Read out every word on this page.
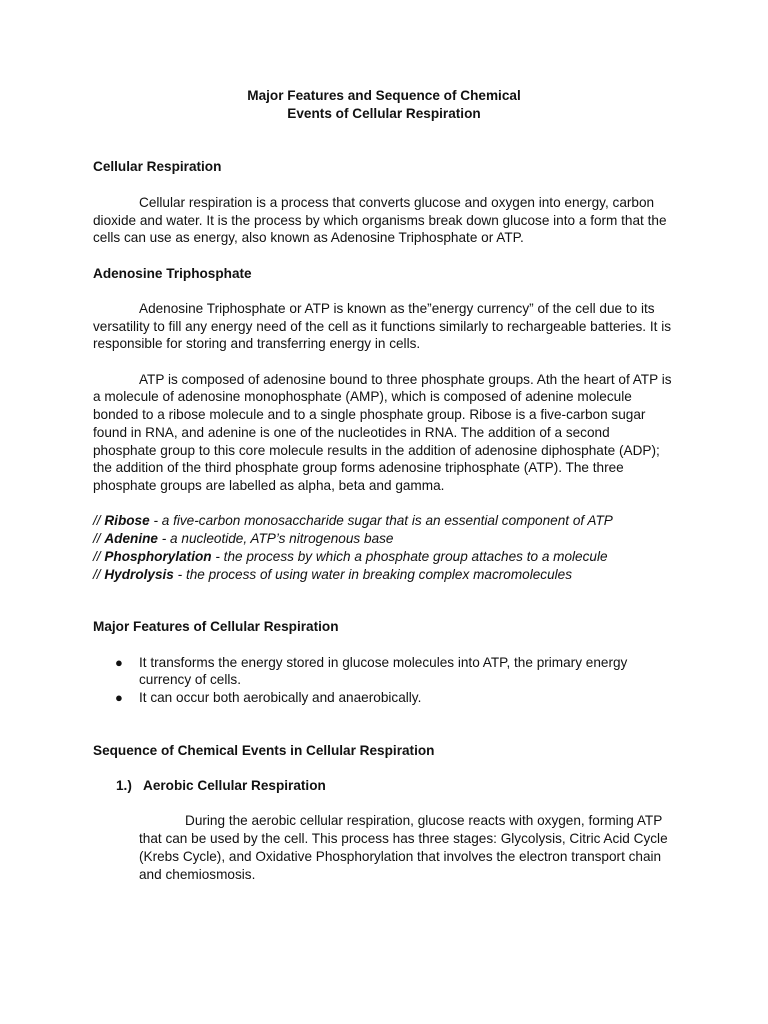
Major Features and Sequence of Chemical
Events of Cellular Respiration

Cellular Respiration

Cellular respiration is a process that converts glucose and oxygen into energy, carbon dioxide and water. It is the process by which organisms break down glucose into a form that the cells can use as energy, also known as Adenosine Triphosphate or ATP.

Adenosine Triphosphate

Adenosine Triphosphate or ATP is known as the”energy currency” of the cell due to its versatility to fill any energy need of the cell as it functions similarly to rechargeable batteries. It is responsible for storing and transferring energy in cells.

ATP is composed of adenosine bound to three phosphate groups. Ath the heart of ATP is a molecule of adenosine monophosphate (AMP), which is composed of adenine molecule bonded to a ribose molecule and to a single phosphate group. Ribose is a five-carbon sugar found in RNA, and adenine is one of the nucleotides in RNA. The addition of a second phosphate group to this core molecule results in the addition of adenosine diphosphate (ADP); the addition of the third phosphate group forms adenosine triphosphate (ATP). The three phosphate groups are labelled as alpha, beta and gamma.

// Ribose - a five-carbon monosaccharide sugar that is an essential component of ATP
// Adenine - a nucleotide, ATP’s nitrogenous base
// Phosphorylation - the process by which a phosphate group attaches to a molecule
// Hydrolysis - the process of using water in breaking complex macromolecules

Major Features of Cellular Respiration

● It transforms the energy stored in glucose molecules into ATP, the primary energy currency of cells.
● It can occur both aerobically and anaerobically.

Sequence of Chemical Events in Cellular Respiration

1.) Aerobic Cellular Respiration

During the aerobic cellular respiration, glucose reacts with oxygen, forming ATP that can be used by the cell. This process has three stages: Glycolysis, Citric Acid Cycle (Krebs Cycle), and Oxidative Phosphorylation that involves the electron transport chain and chemiosmosis.
